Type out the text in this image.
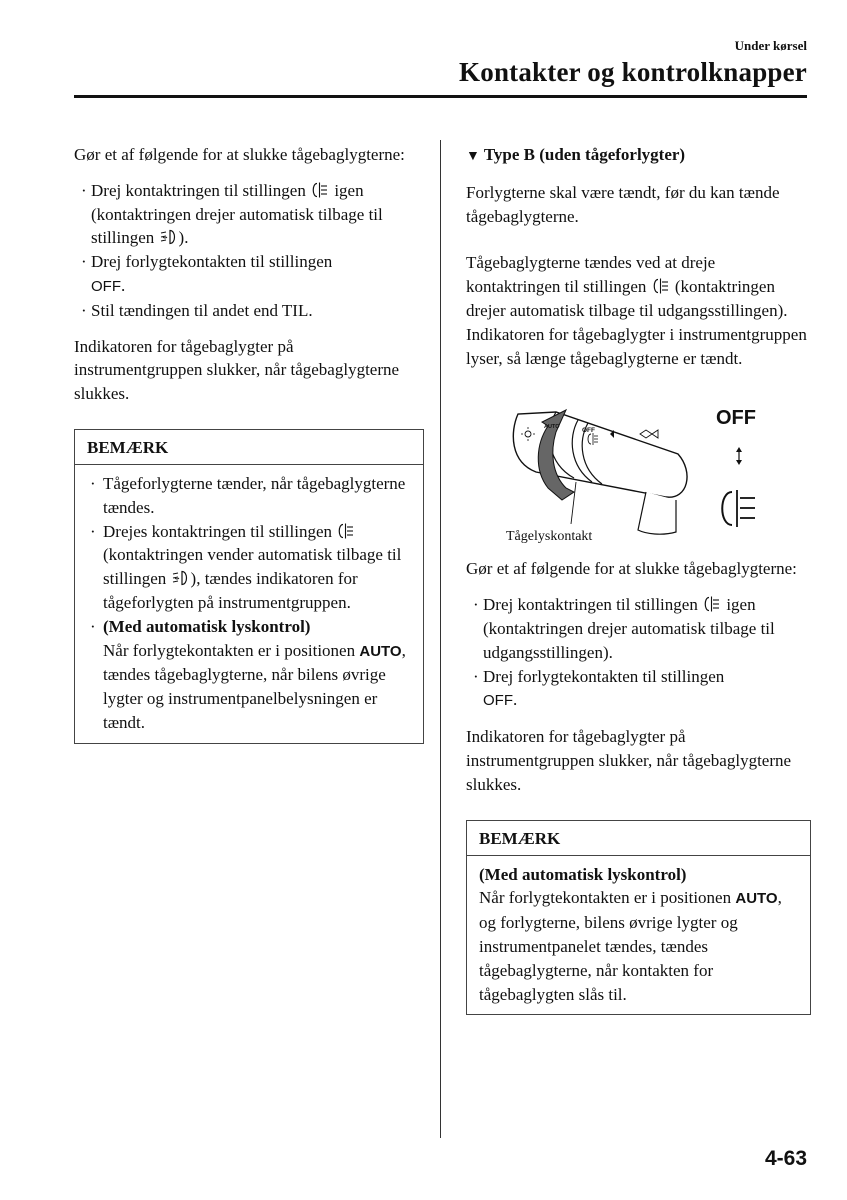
Under kørsel
Kontakter og kontrolknapper

Gør et af følgende for at slukke tågebaglygterne:

· Drej kontaktringen til stillingen  igen (kontaktringen drejer automatisk tilbage til stillingen ).
· Drej forlygtekontakten til stillingen
OFF.
· Stil tændingen til andet end TIL.

Indikatoren for tågebaglygter på instrumentgruppen slukker, når tågebaglygterne slukkes.

BEMÆRK
· Tågeforlygterne tænder, når tågebaglygterne tændes.
· Drejes kontaktringen til stillingen  (kontaktringen vender automatisk tilbage til stillingen ), tændes indikatoren for tågeforlygten på instrumentgruppen.
· (Med automatisk lyskontrol)
Når forlygtekontakten er i positionen AUTO, tændes tågebaglygterne, når bilens øvrige lygter og instrumentpanelbelysningen er tændt.

▼ Type B (uden tågeforlygter)

Forlygterne skal være tændt, før du kan tænde tågebaglygterne.

Tågebaglygterne tændes ved at dreje kontaktringen til stillingen  (kontaktringen drejer automatisk tilbage til udgangsstillingen).

Indikatoren for tågebaglygter i instrumentgruppen lyser, så længe tågebaglygterne er tændt.

OFF
AUTO	OFF
Tågelyskontakt

Gør et af følgende for at slukke tågebaglygterne:

· Drej kontaktringen til stillingen  igen (kontaktringen drejer automatisk tilbage til udgangsstillingen).
· Drej forlygtekontakten til stillingen
OFF.

Indikatoren for tågebaglygter på instrumentgruppen slukker, når tågebaglygterne slukkes.

BEMÆRK
(Med automatisk lyskontrol)
Når forlygtekontakten er i positionen AUTO, og forlygterne, bilens øvrige lygter og instrumentpanelet tændes, tændes tågebaglygterne, når kontakten for tågebaglygten slås til.
4-63
